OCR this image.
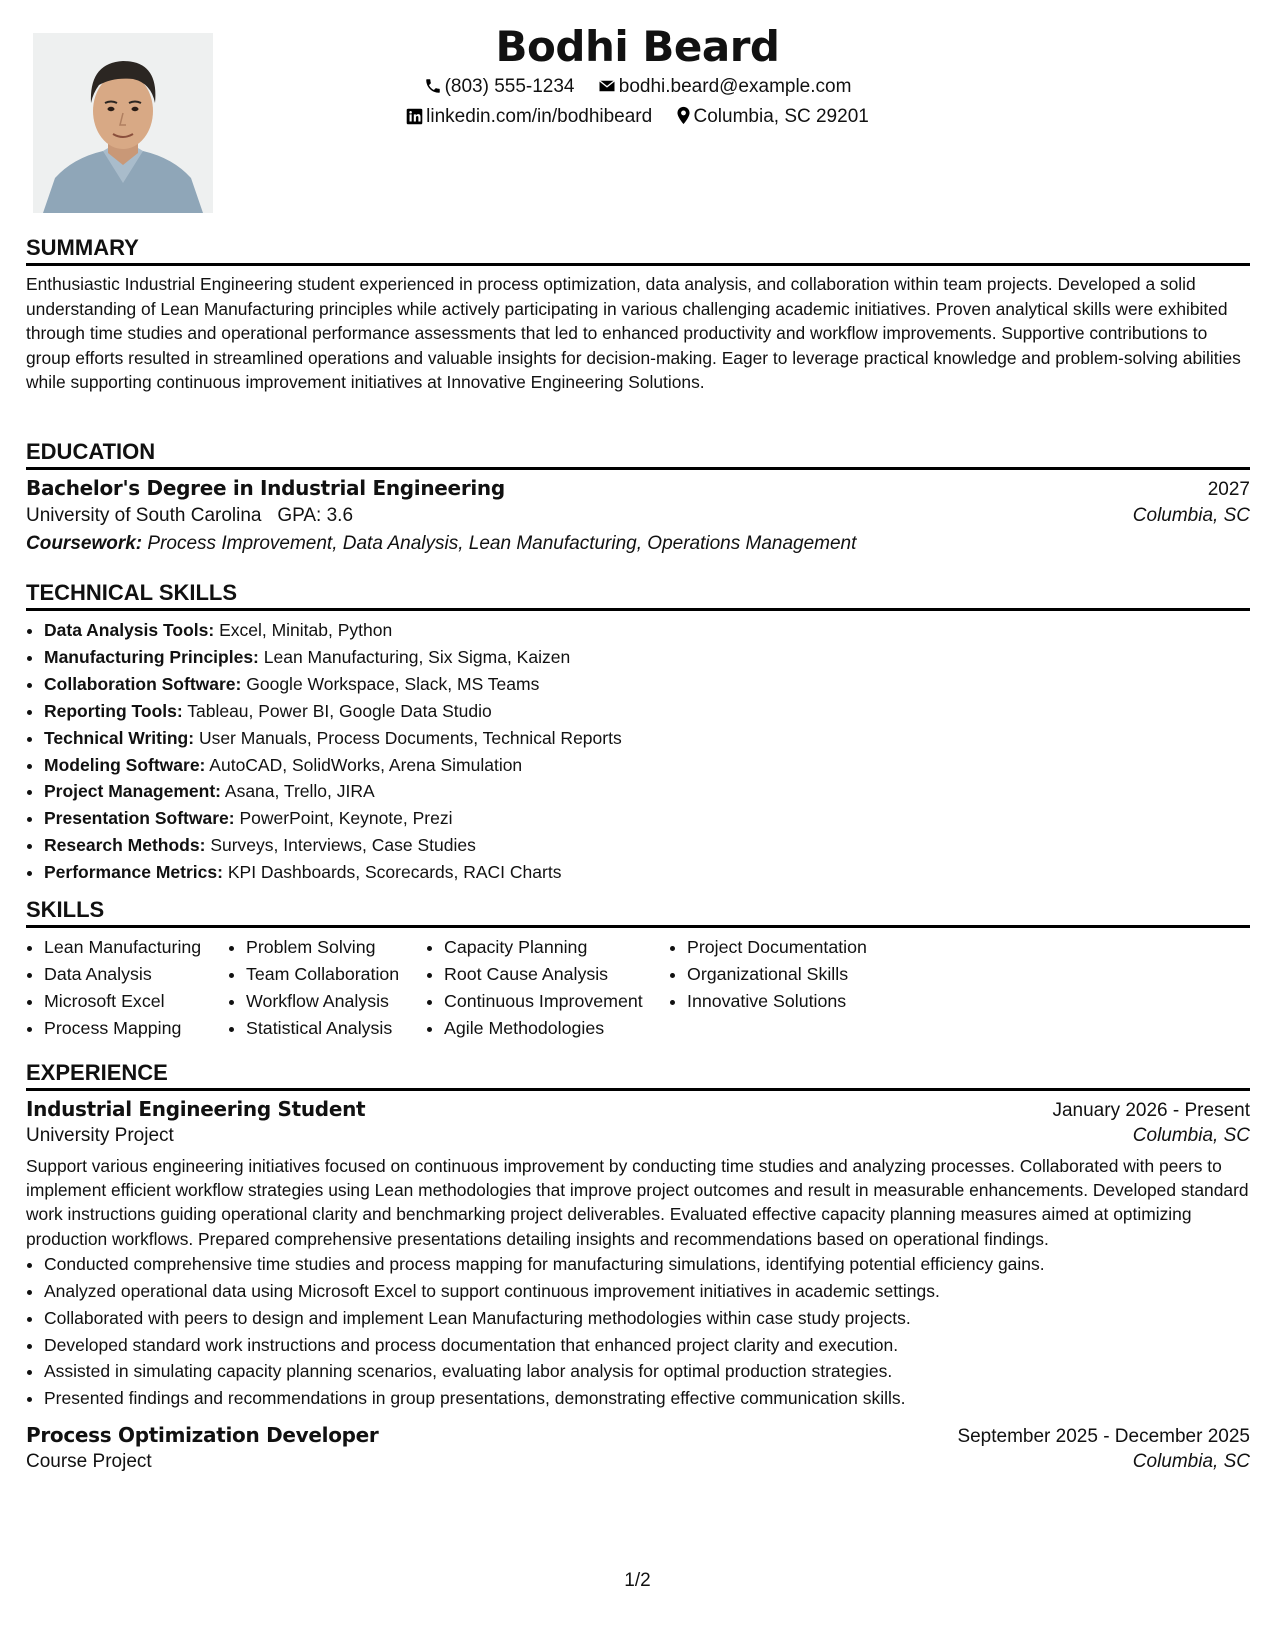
Bodhi Beard
(803) 555-1234 bodhi.beard@example.com
linkedin.com/in/bodhibeard Columbia, SC 29201
SUMMARY

Enthusiastic Industrial Engineering student experienced in process optimization, data analysis, and collaboration within team projects. Developed a solid understanding of Lean Manufacturing principles while actively participating in various challenging academic initiatives. Proven analytical skills were exhibited through time studies and operational performance assessments that led to enhanced productivity and workflow improvements. Supportive contributions to group efforts resulted in streamlined operations and valuable insights for decision-making. Eager to leverage practical knowledge and problem-solving abilities while supporting continuous improvement initiatives at Innovative Engineering Solutions.

EDUCATION
Bachelor's Degree in Industrial Engineering	2027
University of South Carolina GPA: 3.6	Columbia, SC
Coursework: Process Improvement, Data Analysis, Lean Manufacturing, Operations Management
TECHNICAL SKILLS
• Data Analysis Tools: Excel, Minitab, Python
• Manufacturing Principles: Lean Manufacturing, Six Sigma, Kaizen
• Collaboration Software: Google Workspace, Slack, MS Teams
• Reporting Tools: Tableau, Power BI, Google Data Studio
• Technical Writing: User Manuals, Process Documents, Technical Reports
• Modeling Software: AutoCAD, SolidWorks, Arena Simulation
• Project Management: Asana, Trello, JIRA
• Presentation Software: PowerPoint, Keynote, Prezi
• Research Methods: Surveys, Interviews, Case Studies
• Performance Metrics: KPI Dashboards, Scorecards, RACI Charts
SKILLS
• Lean Manufacturing
• Data Analysis
• Microsoft Excel
• Process Mapping
• Problem Solving
• Team Collaboration
• Workflow Analysis
• Statistical Analysis
• Capacity Planning
• Root Cause Analysis
• Continuous Improvement
• Agile Methodologies
• Project Documentation
• Organizational Skills
• Innovative Solutions
EXPERIENCE
Industrial Engineering Student	January 2026 - Present
University Project	Columbia, SC

Support various engineering initiatives focused on continuous improvement by conducting time studies and analyzing processes. Collaborated with peers to implement efficient workflow strategies using Lean methodologies that improve project outcomes and result in measurable enhancements. Developed standard work instructions guiding operational clarity and benchmarking project deliverables. Evaluated effective capacity planning measures aimed at optimizing production workflows. Prepared comprehensive presentations detailing insights and recommendations based on operational findings.

• Conducted comprehensive time studies and process mapping for manufacturing simulations, identifying potential efficiency gains.
• Analyzed operational data using Microsoft Excel to support continuous improvement initiatives in academic settings.
• Collaborated with peers to design and implement Lean Manufacturing methodologies within case study projects.
• Developed standard work instructions and process documentation that enhanced project clarity and execution.
• Assisted in simulating capacity planning scenarios, evaluating labor analysis for optimal production strategies.
• Presented findings and recommendations in group presentations, demonstrating effective communication skills.
Process Optimization Developer	September 2025 - December 2025
Course Project	Columbia, SC
1/2
